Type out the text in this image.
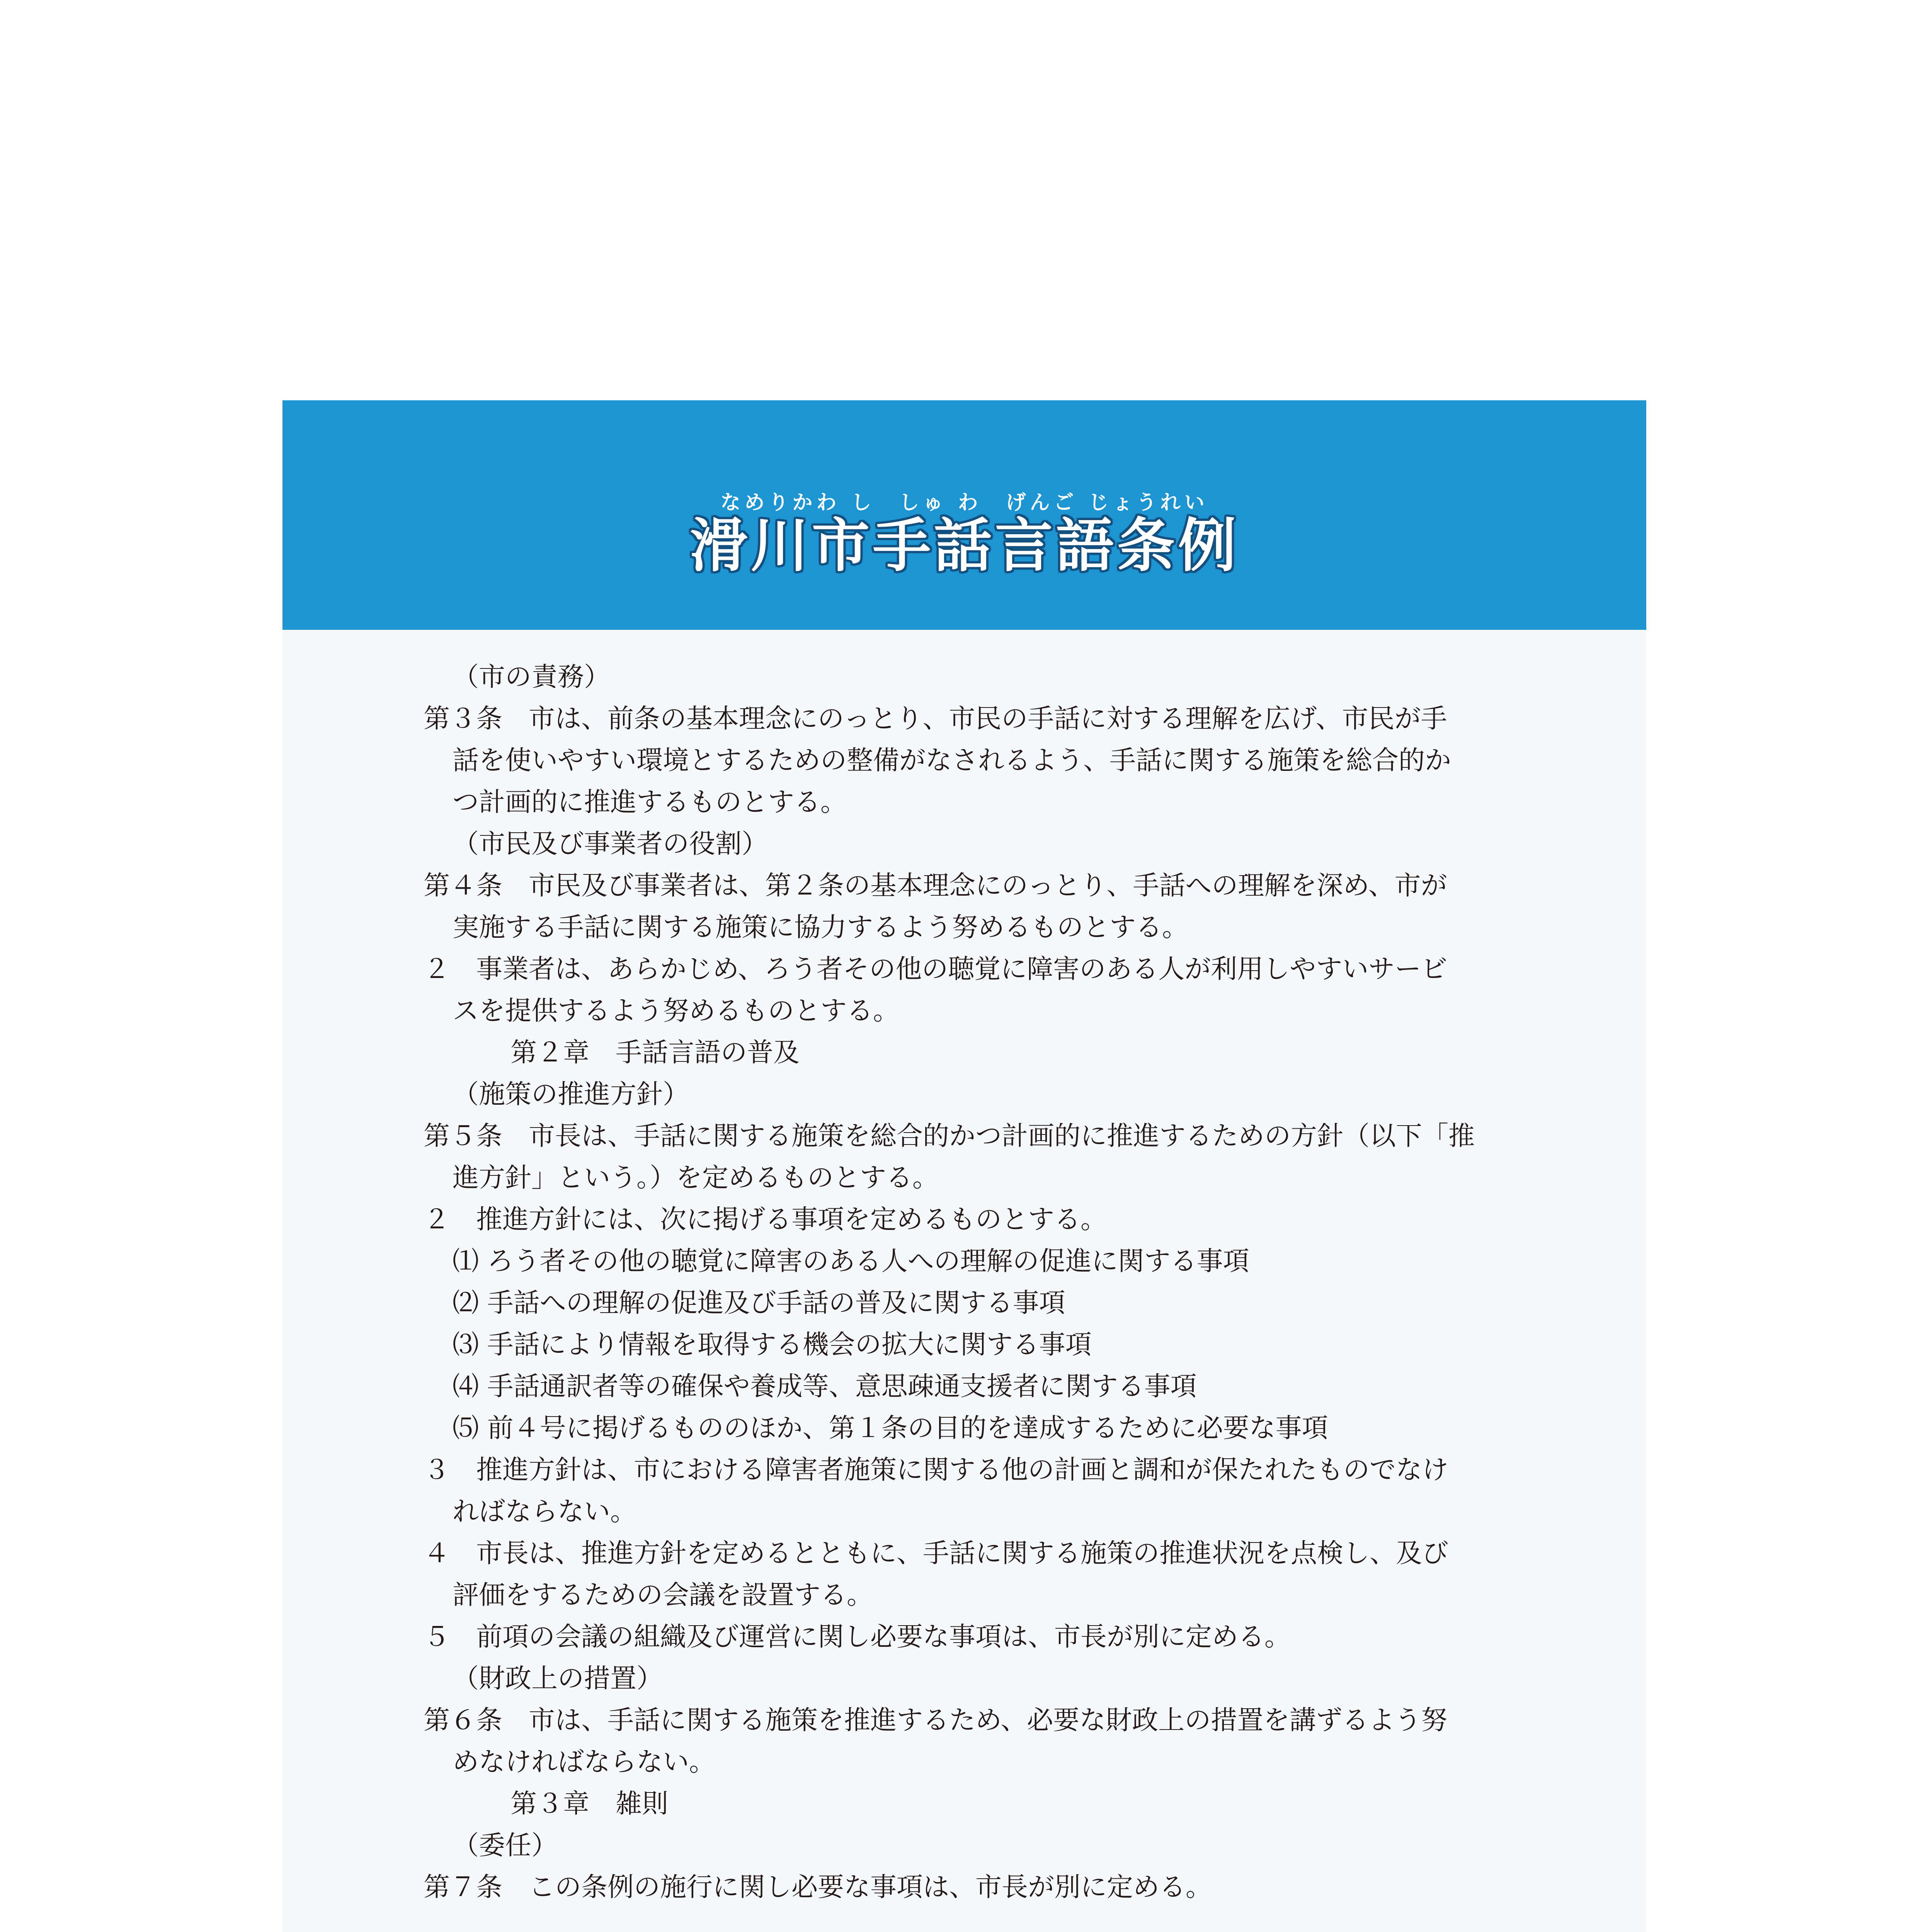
なめりかわ し　しゅ わ　げんご じょうれい
滑川市手話言語条例
（市の責務）
第３条　市は、前条の基本理念にのっとり、市民の手話に対する理解を広げ、市民が手
話を使いやすい環境とするための整備がなされるよう、手話に関する施策を総合的か
つ計画的に推進するものとする。
（市民及び事業者の役割）
第４条　市民及び事業者は、第２条の基本理念にのっとり、手話への理解を深め、市が
実施する手話に関する施策に協力するよう努めるものとする。
２　事業者は、あらかじめ、ろう者その他の聴覚に障害のある人が利用しやすいサービ
スを提供するよう努めるものとする。
第２章　手話言語の普及
（施策の推進方針）
第５条　市長は、手話に関する施策を総合的かつ計画的に推進するための方針（以下「推
進方針」という。）を定めるものとする。
２　推進方針には、次に掲げる事項を定めるものとする。
⑴ ろう者その他の聴覚に障害のある人への理解の促進に関する事項
⑵ 手話への理解の促進及び手話の普及に関する事項
⑶ 手話により情報を取得する機会の拡大に関する事項
⑷ 手話通訳者等の確保や養成等、意思疎通支援者に関する事項
⑸ 前４号に掲げるもののほか、第１条の目的を達成するために必要な事項
３　推進方針は、市における障害者施策に関する他の計画と調和が保たれたものでなけ
ればならない。
４　市長は、推進方針を定めるとともに、手話に関する施策の推進状況を点検し、及び
評価をするための会議を設置する。
５　前項の会議の組織及び運営に関し必要な事項は、市長が別に定める。
（財政上の措置）
第６条　市は、手話に関する施策を推進するため、必要な財政上の措置を講ずるよう努
めなければならない。
第３章　雑則
（委任）
第７条　この条例の施行に関し必要な事項は、市長が別に定める。
